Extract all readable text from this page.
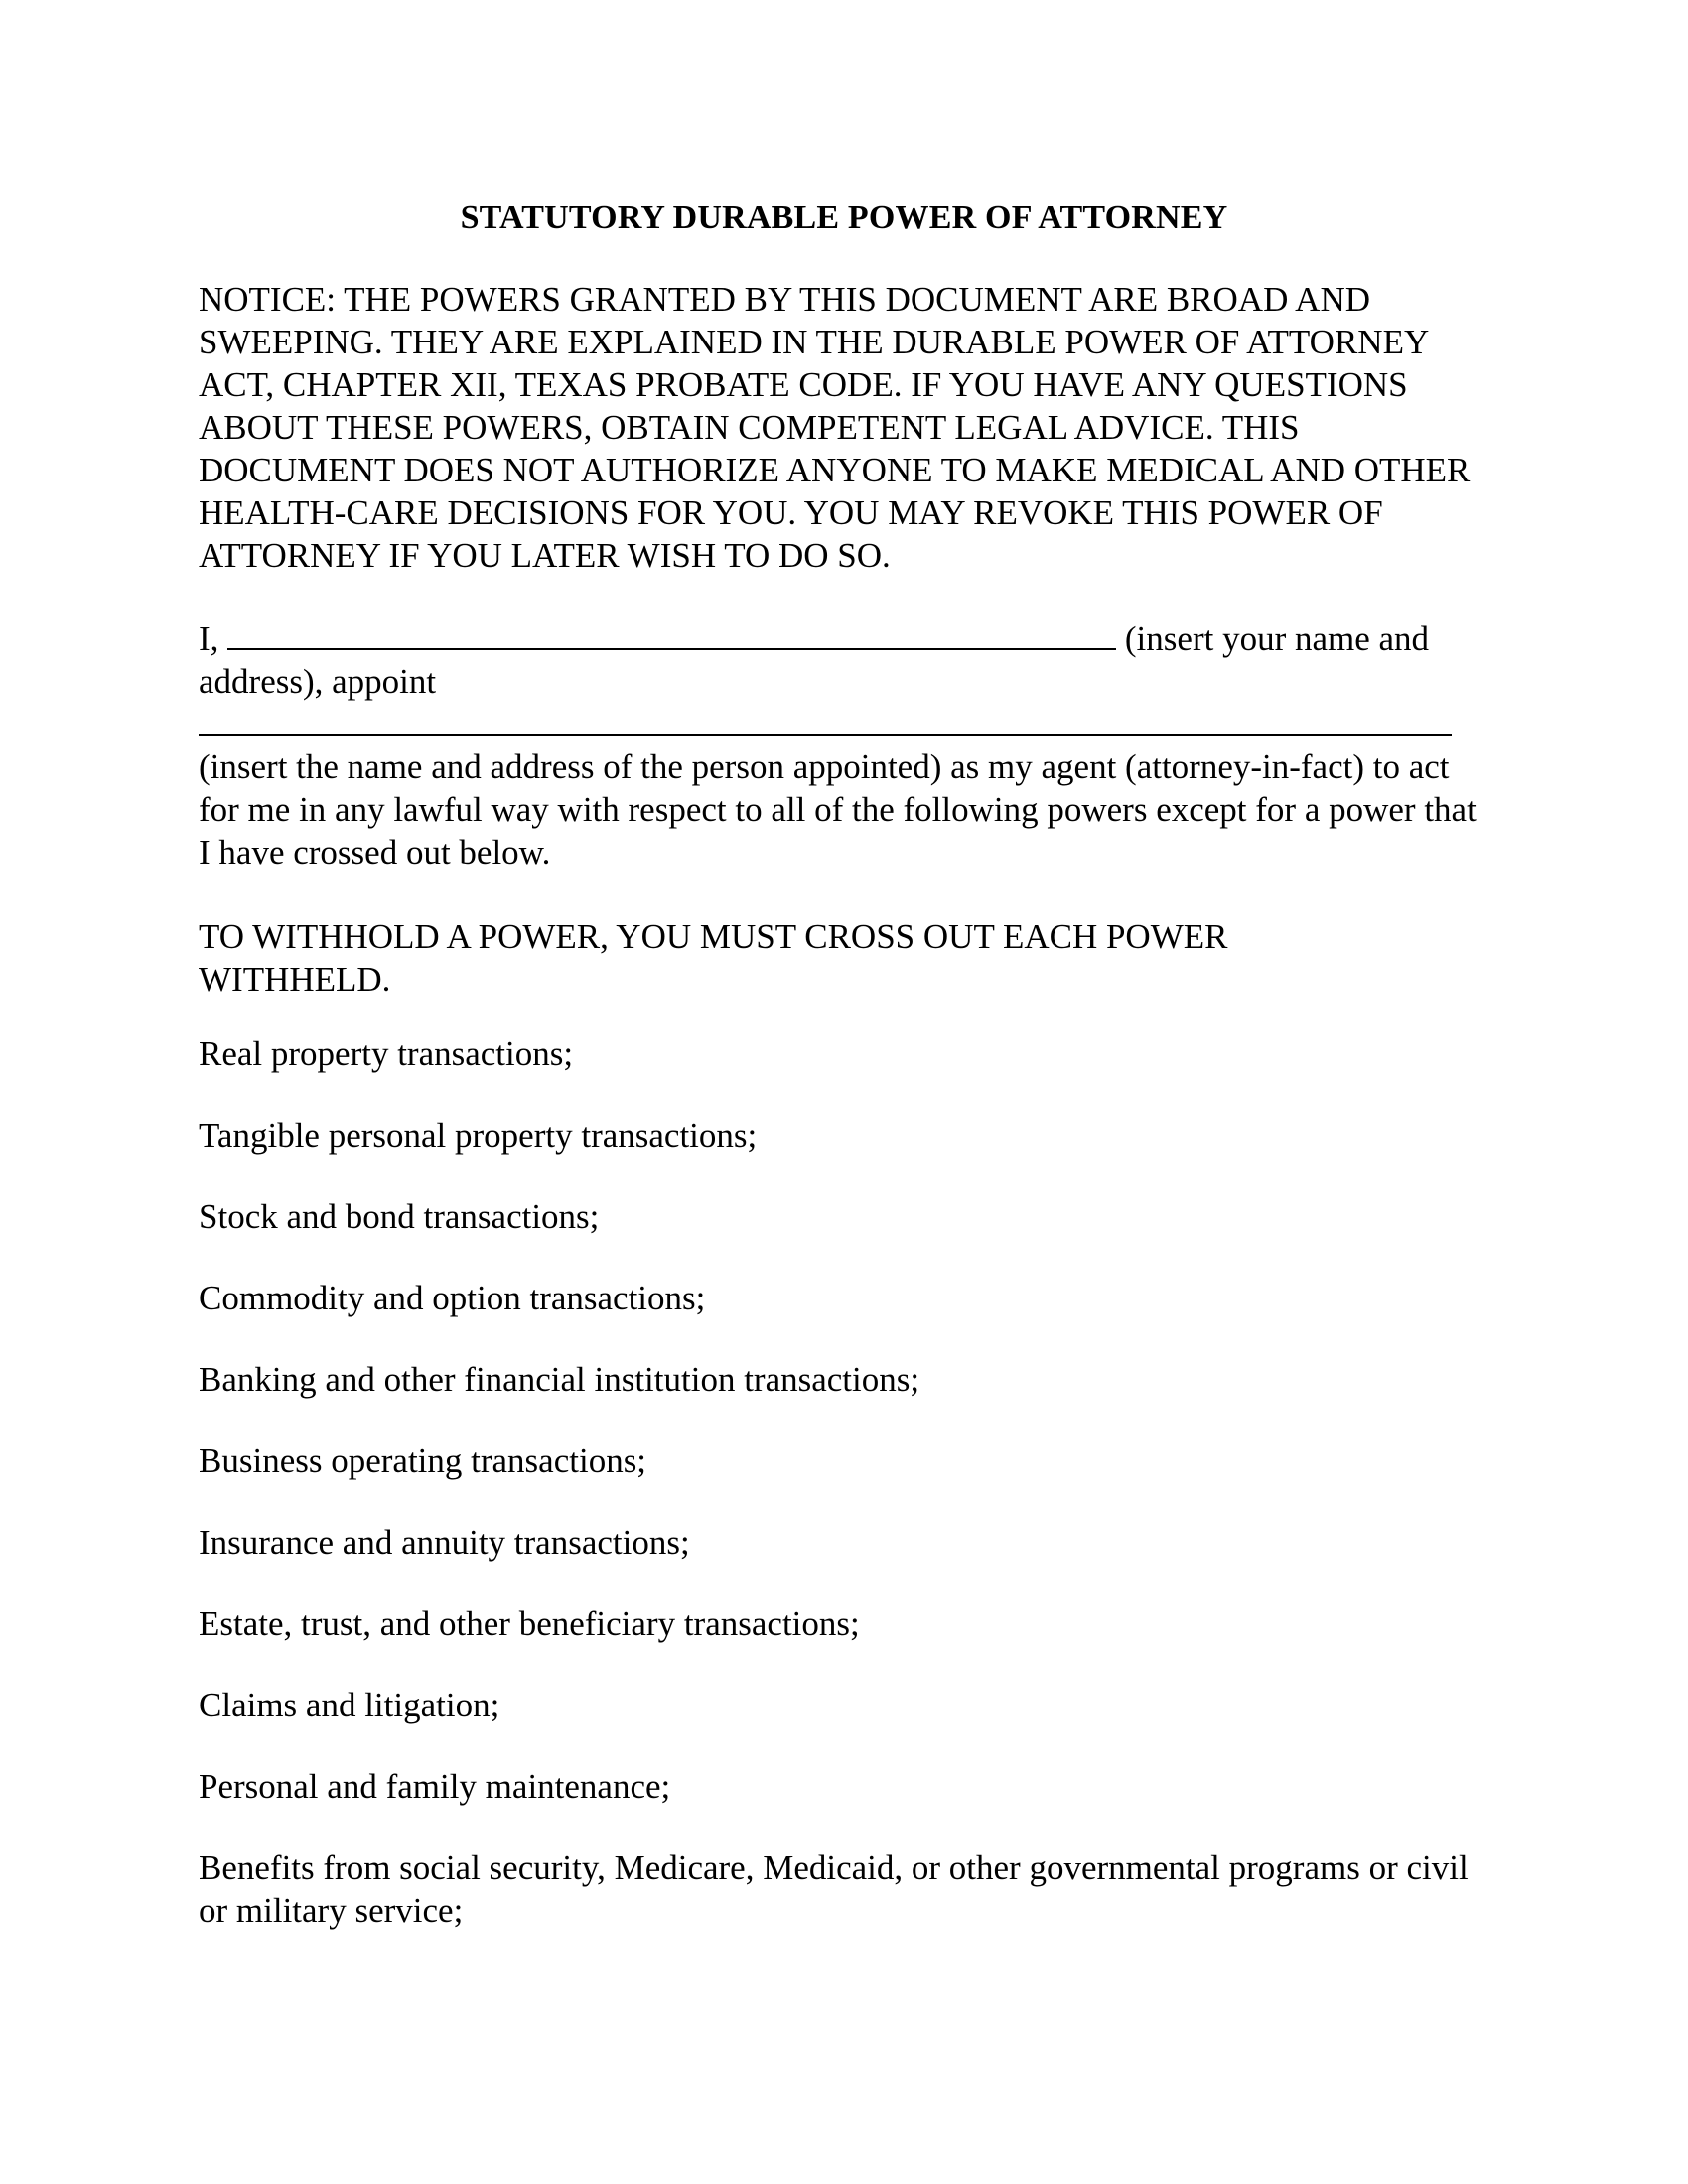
STATUTORY DURABLE POWER OF ATTORNEY

NOTICE: THE POWERS GRANTED BY THIS DOCUMENT ARE BROAD AND SWEEPING. THEY ARE EXPLAINED IN THE DURABLE POWER OF ATTORNEY ACT, CHAPTER XII, TEXAS PROBATE CODE. IF YOU HAVE ANY QUESTIONS ABOUT THESE POWERS, OBTAIN COMPETENT LEGAL ADVICE. THIS DOCUMENT DOES NOT AUTHORIZE ANYONE TO MAKE MEDICAL AND OTHER HEALTH-CARE DECISIONS FOR YOU. YOU MAY REVOKE THIS POWER OF ATTORNEY IF YOU LATER WISH TO DO SO.

I,	(insert your name and
address), appoint

(insert the name and address of the person appointed) as my agent (attorney-in-fact) to act for me in any lawful way with respect to all of the following powers except for a power that I have crossed out below.

TO WITHHOLD A POWER, YOU MUST CROSS OUT EACH POWER WITHHELD.

Real property transactions;
Tangible personal property transactions;
Stock and bond transactions;
Commodity and option transactions;
Banking and other financial institution transactions;
Business operating transactions;
Insurance and annuity transactions;
Estate, trust, and other beneficiary transactions;
Claims and litigation;
Personal and family maintenance;
Benefits from social security, Medicare, Medicaid, or other governmental programs or civil or military service;
